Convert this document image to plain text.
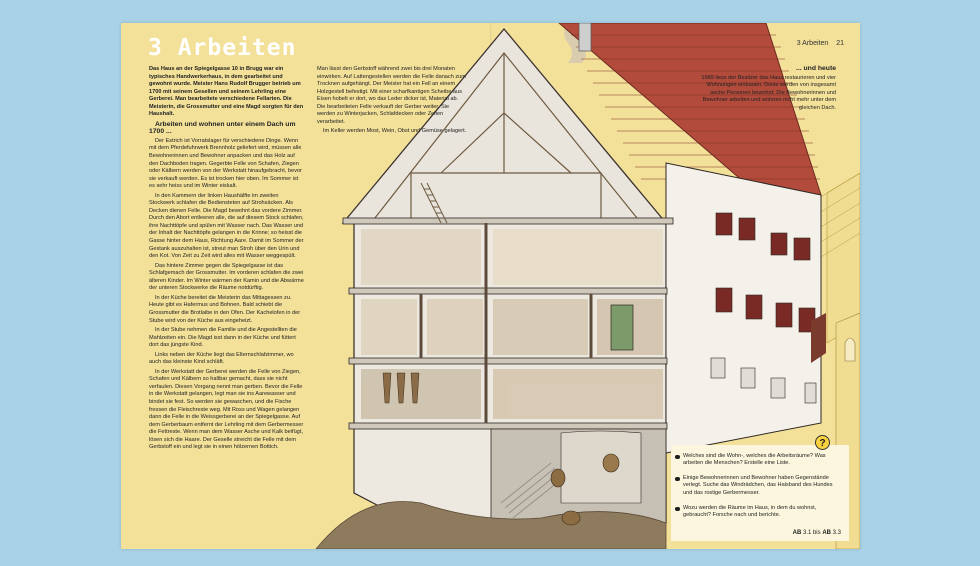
3 Arbeiten	3 Arbeiten 21

Das Haus an der Spiegelgasse 10 in Brugg war ein typisches Handwerkerhaus, in dem gearbeitet und gewohnt wurde. Meister Hans Rudolf Brugger betrieb um 1700 mit seinem Gesellen und seinem Lehrling eine Gerberei. Man bearbeitete verschiedene Fellarten. Die Meisterin, die Grossmutter und eine Magd sorgten für den Haushalt.

Arbeiten und wohnen unter einem Dach um 1700 ...

Der Estrich ist Vorratslager für verschiedene Dinge. Wenn mit dem Pferdefuhrwerk Brennholz geliefert wird, müssen alle Bewohnerinnen und Bewohner anpacken und das Holz auf den Dachboden tragen. Gegerbte Felle von Schafen, Ziegen oder Kälbern werden von der Werkstatt hinaufgebracht, bevor sie verkauft werden. Es ist trocken hier oben. Im Sommer ist es sehr heiss und im Winter eiskalt.

In den Kammern der linken Haushälfte im zweiten Stockwerk schlafen die Bediensteten auf Strohsäcken. Als Decken dienen Felle. Die Magd bewohnt das vordere Zimmer. Durch den Abort entleeren alle, die auf diesem Stock schlafen, ihre Nachttöpfe und spülen mit Wasser nach. Das Wasser und der Inhalt der Nachttöpfe gelangen in die Krinne; so heisst die Gasse hinter dem Haus, Richtung Aare. Damit im Sommer der Gestank auszuhalten ist, streut man Stroh über den Urin und den Kot. Von Zeit zu Zeit wird alles mit Wasser weggespült.

Das hintere Zimmer gegen die Spiegelgasse ist das Schlafgemach der Grossmutter. Im vorderen schlafen die zwei älteren Kinder. Im Winter wärmen der Kamin und die Abwärme der unteren Stockwerke die Räume notdürftig.

In der Küche bereitet die Meisterin das Mittagessen zu. Heute gibt es Hafermus und Bohnen. Bald schiebt die Grossmutter die Brotlaibe in den Ofen. Der Kachelofen in der Stube wird von der Küche aus eingeheizt.

In der Stube nehmen die Familie und die Angestellten die Mahlzeiten ein. Die Magd isst dann in der Küche und füttert dort das jüngste Kind.

Links neben der Küche liegt das Elternschlafzimmer, wo auch das kleinste Kind schläft.

In der Werkstatt der Gerberei werden die Felle von Ziegen, Schafen und Kälbern so haltbar gemacht, dass sie nicht verfaulen. Diesen Vorgang nennt man gerben. Bevor die Felle in die Werkstatt gelangen, legt man sie ins Aarewasser und bindet sie fest. So werden sie gewaschen, und die Fische fressen die Fleischreste weg. Mit Ross und Wagen gelangen dann die Felle in die Weissgerberei an der Spiegelgasse. Auf dem Gerberbaum entfernt der Lehrling mit dem Gerbermesser die Fettreste. Wenn man dem Wasser Asche und Kalk beifügt, lösen sich die Haare. Der Geselle streicht die Felle mit dem Gerbstoff ein und legt sie in einen hölzernen Bottich.

Man lässt den Gerbstoff während zwei bis drei Monaten einwirken. Auf Lattengestellen werden die Felle danach zum Trocknen aufgehängt. Der Meister hat ein Fell an einem Holzgestell befestigt. Mit einer scharfkantigen Scheibe aus Eisen hobelt er dort, wo das Leder dicker ist, Material ab. Die bearbeiteten Felle verkauft der Gerber weiter. Sie werden zu Winterjacken, Schlafdecken oder Zelten verarbeitet.

Im Keller werden Most, Wein, Obst und Gemüse gelagert.

... und heute

1989 liess der Besitzer das Haus restaurieren und vier Wohnungen einbauen. Diese werden von insgesamt sechs Personen bewohnt. Die Bewohnerinnen und Bewohner arbeiten und wohnen nicht mehr unter dem gleichen Dach.

Welches sind die Wohn-, welches die Arbeitsräume? Was arbeiten die Menschen? Erstelle eine Liste.
Einige Bewohnerinnen und Bewohner haben Gegenstände verlegt. Suche das Windrädchen, das Halsband des Hundes und das rostige Gerbermesser.
Wozu werden die Räume im Haus, in dem du wohnst, gebraucht? Forsche nach und berichte.
AB 3.1 bis AB 3.3
?
